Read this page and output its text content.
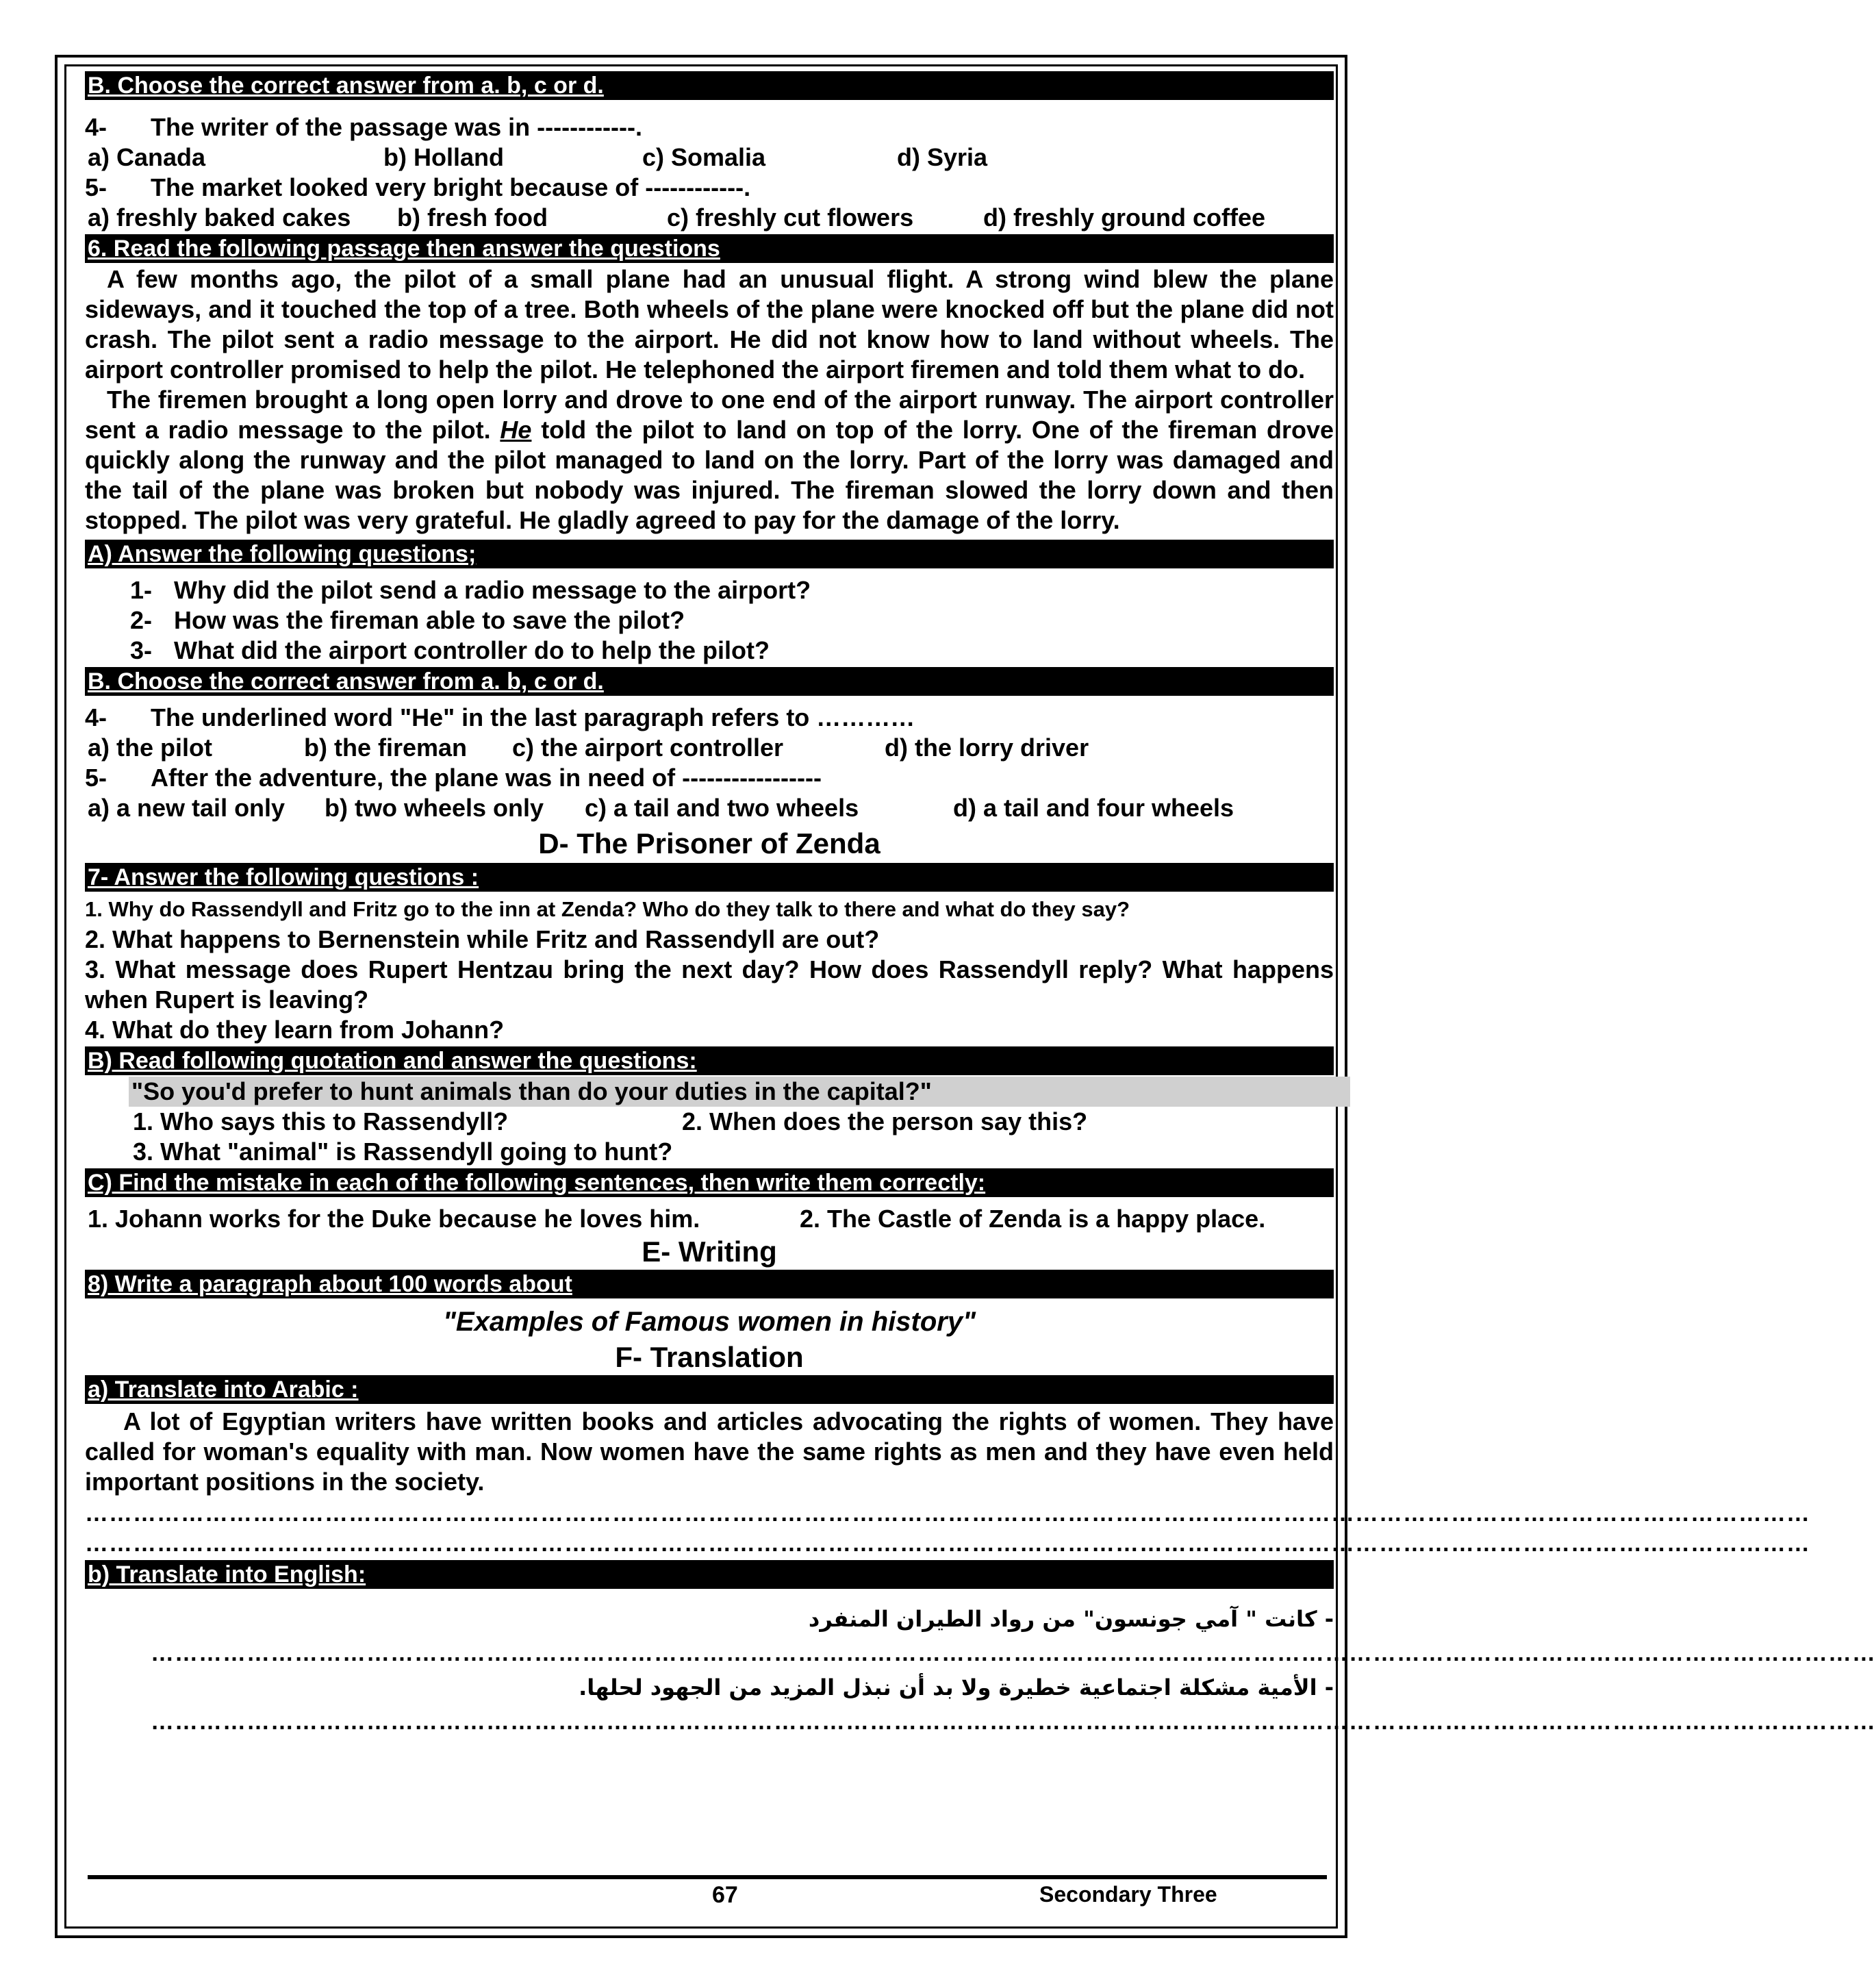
B. Choose the correct answer from a. b, c or d.
4- The writer of the passage was in ------------.
a) Canada	b) Holland	c) Somalia	d) Syria
5- The market looked very bright because of ------------.
a) freshly baked cakes b) fresh food	c) freshly cut flowers	d) freshly ground coffee
6. Read the following passage then answer the questions
A few months ago, the pilot of a small plane had an unusual flight. A strong wind blew the plane sideways, and it touched the top of a tree. Both wheels of the plane were knocked off but the plane did not crash. The pilot sent a radio message to the airport. He did not know how to land without wheels. The airport controller promised to help the pilot. He telephoned the airport firemen and told them what to do.
The firemen brought a long open lorry and drove to one end of the airport runway. The airport controller sent a radio message to the pilot. He told the pilot to land on top of the lorry. One of the fireman drove quickly along the runway and the pilot managed to land on the lorry. Part of the lorry was damaged and the tail of the plane was broken but nobody was injured. The fireman slowed the lorry down and then stopped. The pilot was very grateful. He gladly agreed to pay for the damage of the lorry.
A) Answer the following questions;
1- Why did the pilot send a radio message to the airport?
2- How was the fireman able to save the pilot?
3- What did the airport controller do to help the pilot?
B. Choose the correct answer from a. b, c or d.
4- The underlined word "He" in the last paragraph refers to …………
a) the pilot	b) the fireman c) the airport controller	d) the lorry driver
5- After the adventure, the plane was in need of -----------------
a) a new tail only b) two wheels only c) a tail and two wheels	d) a tail and four wheels
D- The Prisoner of Zenda
7- Answer the following questions :
1. Why do Rassendyll and Fritz go to the inn at Zenda? Who do they talk to there and what do they say?
2. What happens to Bernenstein while Fritz and Rassendyll are out?
3. What message does Rupert Hentzau bring the next day? How does Rassendyll reply? What happens when Rupert is leaving?
4. What do they learn from Johann?
B) Read following quotation and answer the questions:
"So you'd prefer to hunt animals than do your duties in the capital?"
1. Who says this to Rassendyll?	2. When does the person say this?
3. What "animal" is Rassendyll going to hunt?
C) Find the mistake in each of the following sentences, then write them correctly:
1. Johann works for the Duke because he loves him.	2. The Castle of Zenda is a happy place.
E- Writing
8) Write a paragraph about 100 words about
"Examples of Famous women in history"
F- Translation
a) Translate into Arabic :
A lot of Egyptian writers have written books and articles advocating the rights of women. They have called for woman's equality with man. Now women have the same rights as men and they have even held important positions in the society.
………………………………………………………………………………………………………………………………………………………………………………………………
………………………………………………………………………………………………………………………………………………………………………………………………
b) Translate into English:
- كانت " آمي جونسون" من رواد الطيران المنفرد
………………………………………………………………………………………………………………………………………………………………………………………………
- الأمية مشكلة اجتماعية خطيرة ولا بد أن نبذل المزيد من الجهود لحلها.
………………………………………………………………………………………………………………………………………………………………………………………………
67	Secondary Three
